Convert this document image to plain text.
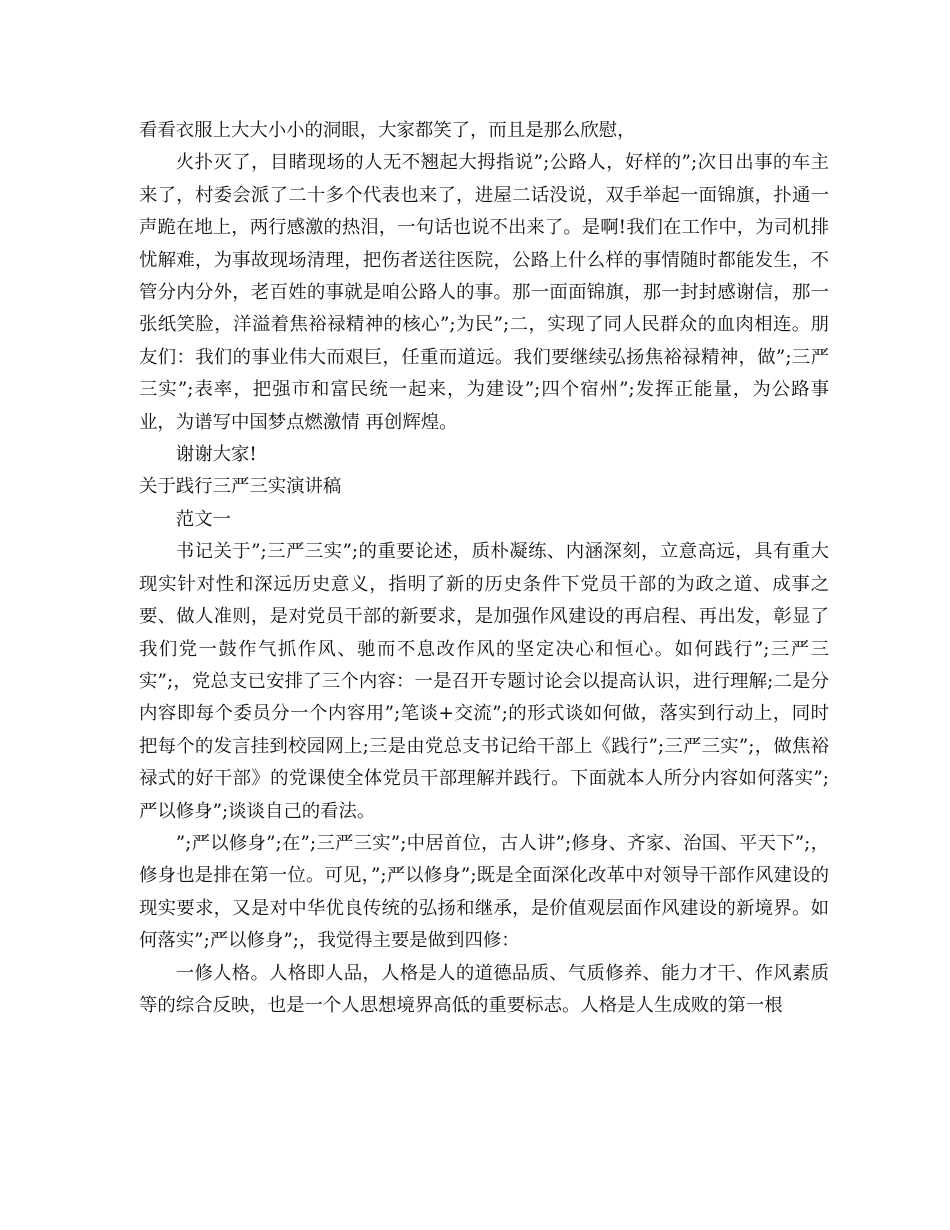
看看衣服上大大小小的洞眼，大家都笑了，而且是那么欣慰，

火扑灭了，目睹现场的人无不翘起大拇指说”;公路人，好样的”;次日出事的车主来了，村委会派了二十多个代表也来了，进屋二话没说，双手举起一面锦旗，扑通一声跪在地上，两行感激的热泪，一句话也说不出来了。是啊!我们在工作中，为司机排忧解难，为事故现场清理，把伤者送往医院，公路上什么样的事情随时都能发生，不管分内分外，老百姓的事就是咱公路人的事。那一面面锦旗，那一封封感谢信，那一张纸笑脸，洋溢着焦裕禄精神的核心”;为民”;二，实现了同人民群众的血肉相连。朋友们：我们的事业伟大而艰巨，任重而道远。我们要继续弘扬焦裕禄精神，做”;三严三实”;表率，把强市和富民统一起来，为建设”;四个宿州”;发挥正能量，为公路事业，为谱写中国梦点燃激情 再创辉煌。

谢谢大家!

关于践行三严三实演讲稿

范文一

书记关于”;三严三实”;的重要论述，质朴凝练、内涵深刻，立意高远，具有重大现实针对性和深远历史意义，指明了新的历史条件下党员干部的为政之道、成事之要、做人准则，是对党员干部的新要求，是加强作风建设的再启程、再出发，彰显了我们党一鼓作气抓作风、驰而不息改作风的坚定决心和恒心。如何践行”;三严三实”;，党总支已安排了三个内容：一是召开专题讨论会以提高认识，进行理解;二是分内容即每个委员分一个内容用”;笔谈+交流”;的形式谈如何做，落实到行动上，同时把每个的发言挂到校园网上;三是由党总支书记给干部上《践行”;三严三实”;，做焦裕禄式的好干部》的党课使全体党员干部理解并践行。下面就本人所分内容如何落实”;严以修身”;谈谈自己的看法。

”;严以修身”;在”;三严三实”;中居首位，古人讲”;修身、齐家、治国、平天下”;，修身也是排在第一位。可见，”;严以修身”;既是全面深化改革中对领导干部作风建设的现实要求，又是对中华优良传统的弘扬和继承，是价值观层面作风建设的新境界。如何落实”;严以修身”;，我觉得主要是做到四修：

一修人格。人格即人品，人格是人的道德品质、气质修养、能力才干、作风素质等的综合反映，也是一个人思想境界高低的重要标志。人格是人生成败的第一根
